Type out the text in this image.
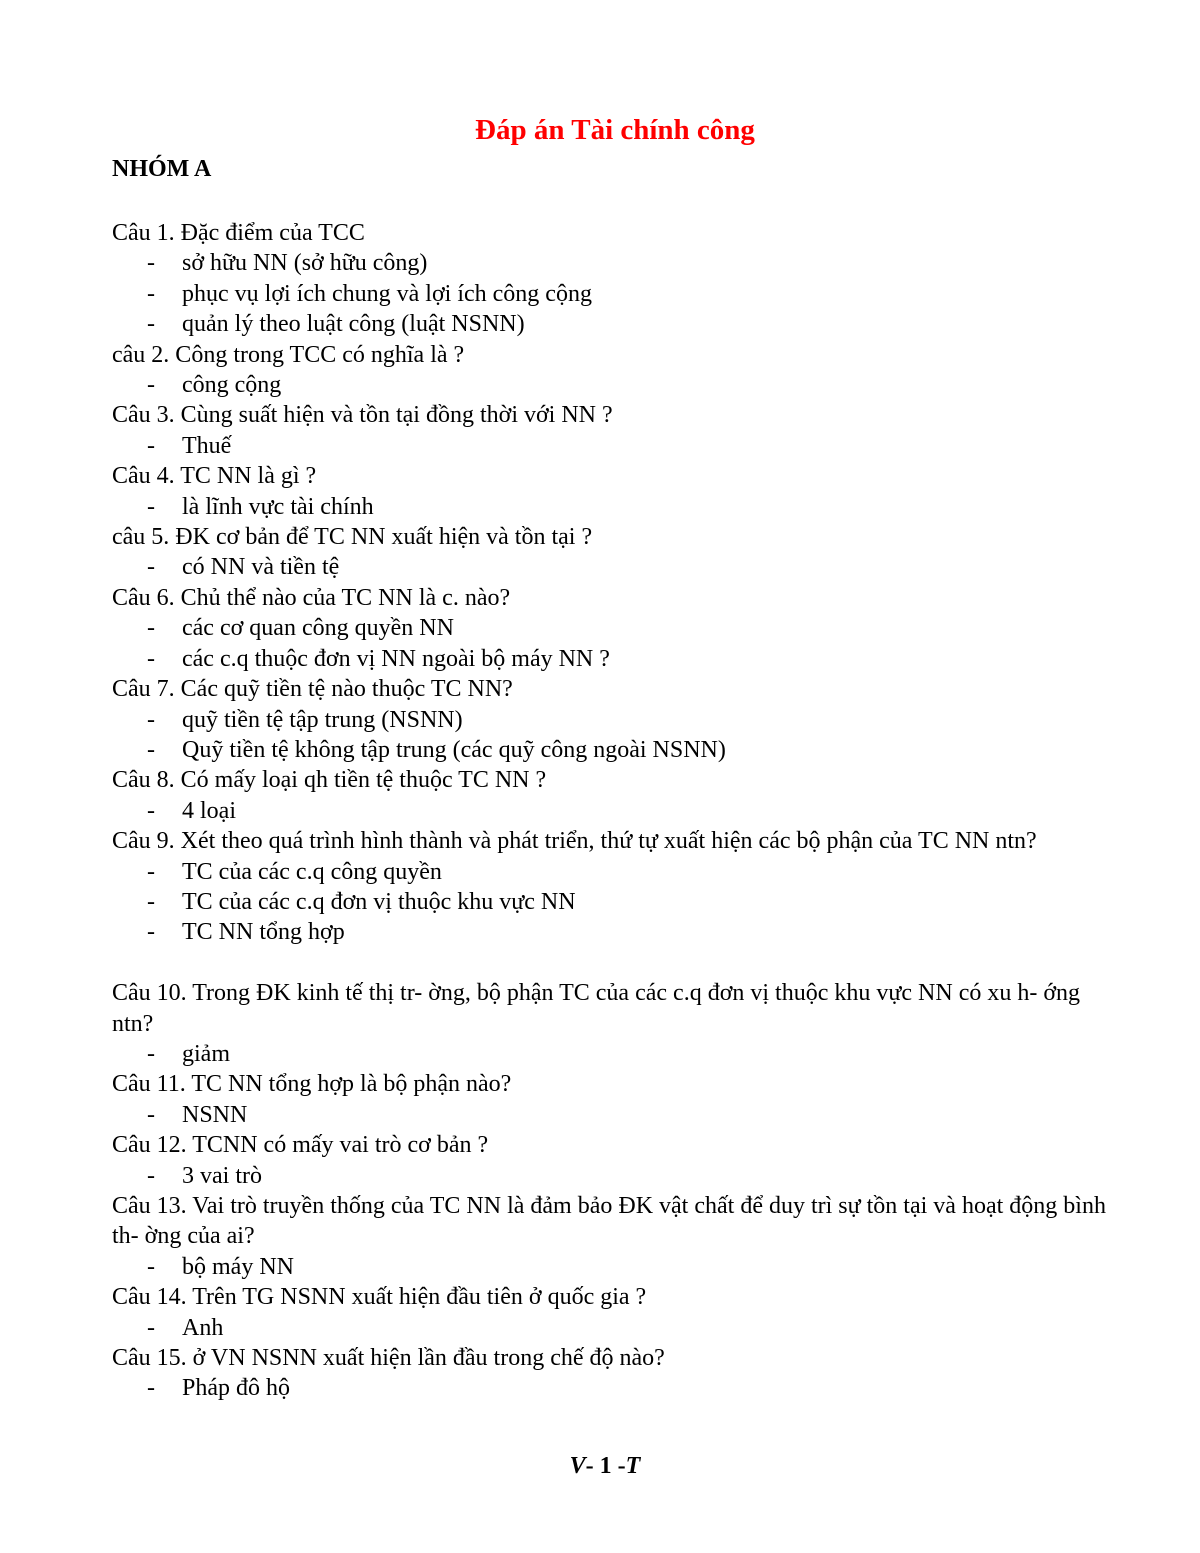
Đáp án Tài chính công
NHÓM A
Câu 1. Đặc điểm của TCC
- sở hữu NN (sở hữu công)
- phục vụ lợi ích chung và lợi ích công cộng
- quản lý theo luật công (luật NSNN)
câu 2. Công trong TCC có nghĩa là ?
- công cộng
Câu 3. Cùng suất hiện và tồn tại đồng thời với NN ?
- Thuế
Câu 4. TC NN là gì ?
- là lĩnh vực tài chính
câu 5. ĐK cơ bản để TC NN xuất hiện và tồn tại ?
- có NN và tiền tệ
Câu 6. Chủ thể nào của TC NN là c. nào?
- các cơ quan công quyền NN
- các c.q thuộc đơn vị NN ngoài bộ máy NN ?
Câu 7. Các quỹ tiền tệ nào thuộc TC NN?
- quỹ tiền tệ tập trung (NSNN)
- Quỹ tiền tệ không tập trung (các quỹ công ngoài NSNN)
Câu 8. Có mấy loại qh tiền tệ thuộc TC NN ?
- 4 loại
Câu 9. Xét theo quá trình hình thành và phát triển, thứ tự xuất hiện các bộ phận của TC NN ntn?
- TC của các c.q công quyền
- TC của các c.q đơn vị thuộc khu vực NN
- TC NN tổng hợp
Câu 10. Trong ĐK kinh tế thị tr- ờng, bộ phận TC của các c.q đơn vị thuộc khu vực NN có xu h- ớng ntn?
- giảm
Câu 11. TC NN tổng hợp là bộ phận nào?
- NSNN
Câu 12. TCNN có mấy vai trò cơ bản ?
- 3 vai trò
Câu 13. Vai trò truyền thống của TC NN là đảm bảo ĐK vật chất để duy trì sự tồn tại và hoạt động bình th- ờng của ai?
- bộ máy NN
Câu 14. Trên TG NSNN xuất hiện đầu tiên ở quốc gia ?
- Anh
Câu 15. ở VN NSNN xuất hiện lần đầu trong chế độ nào?
- Pháp đô hộ
V- 1 -T
